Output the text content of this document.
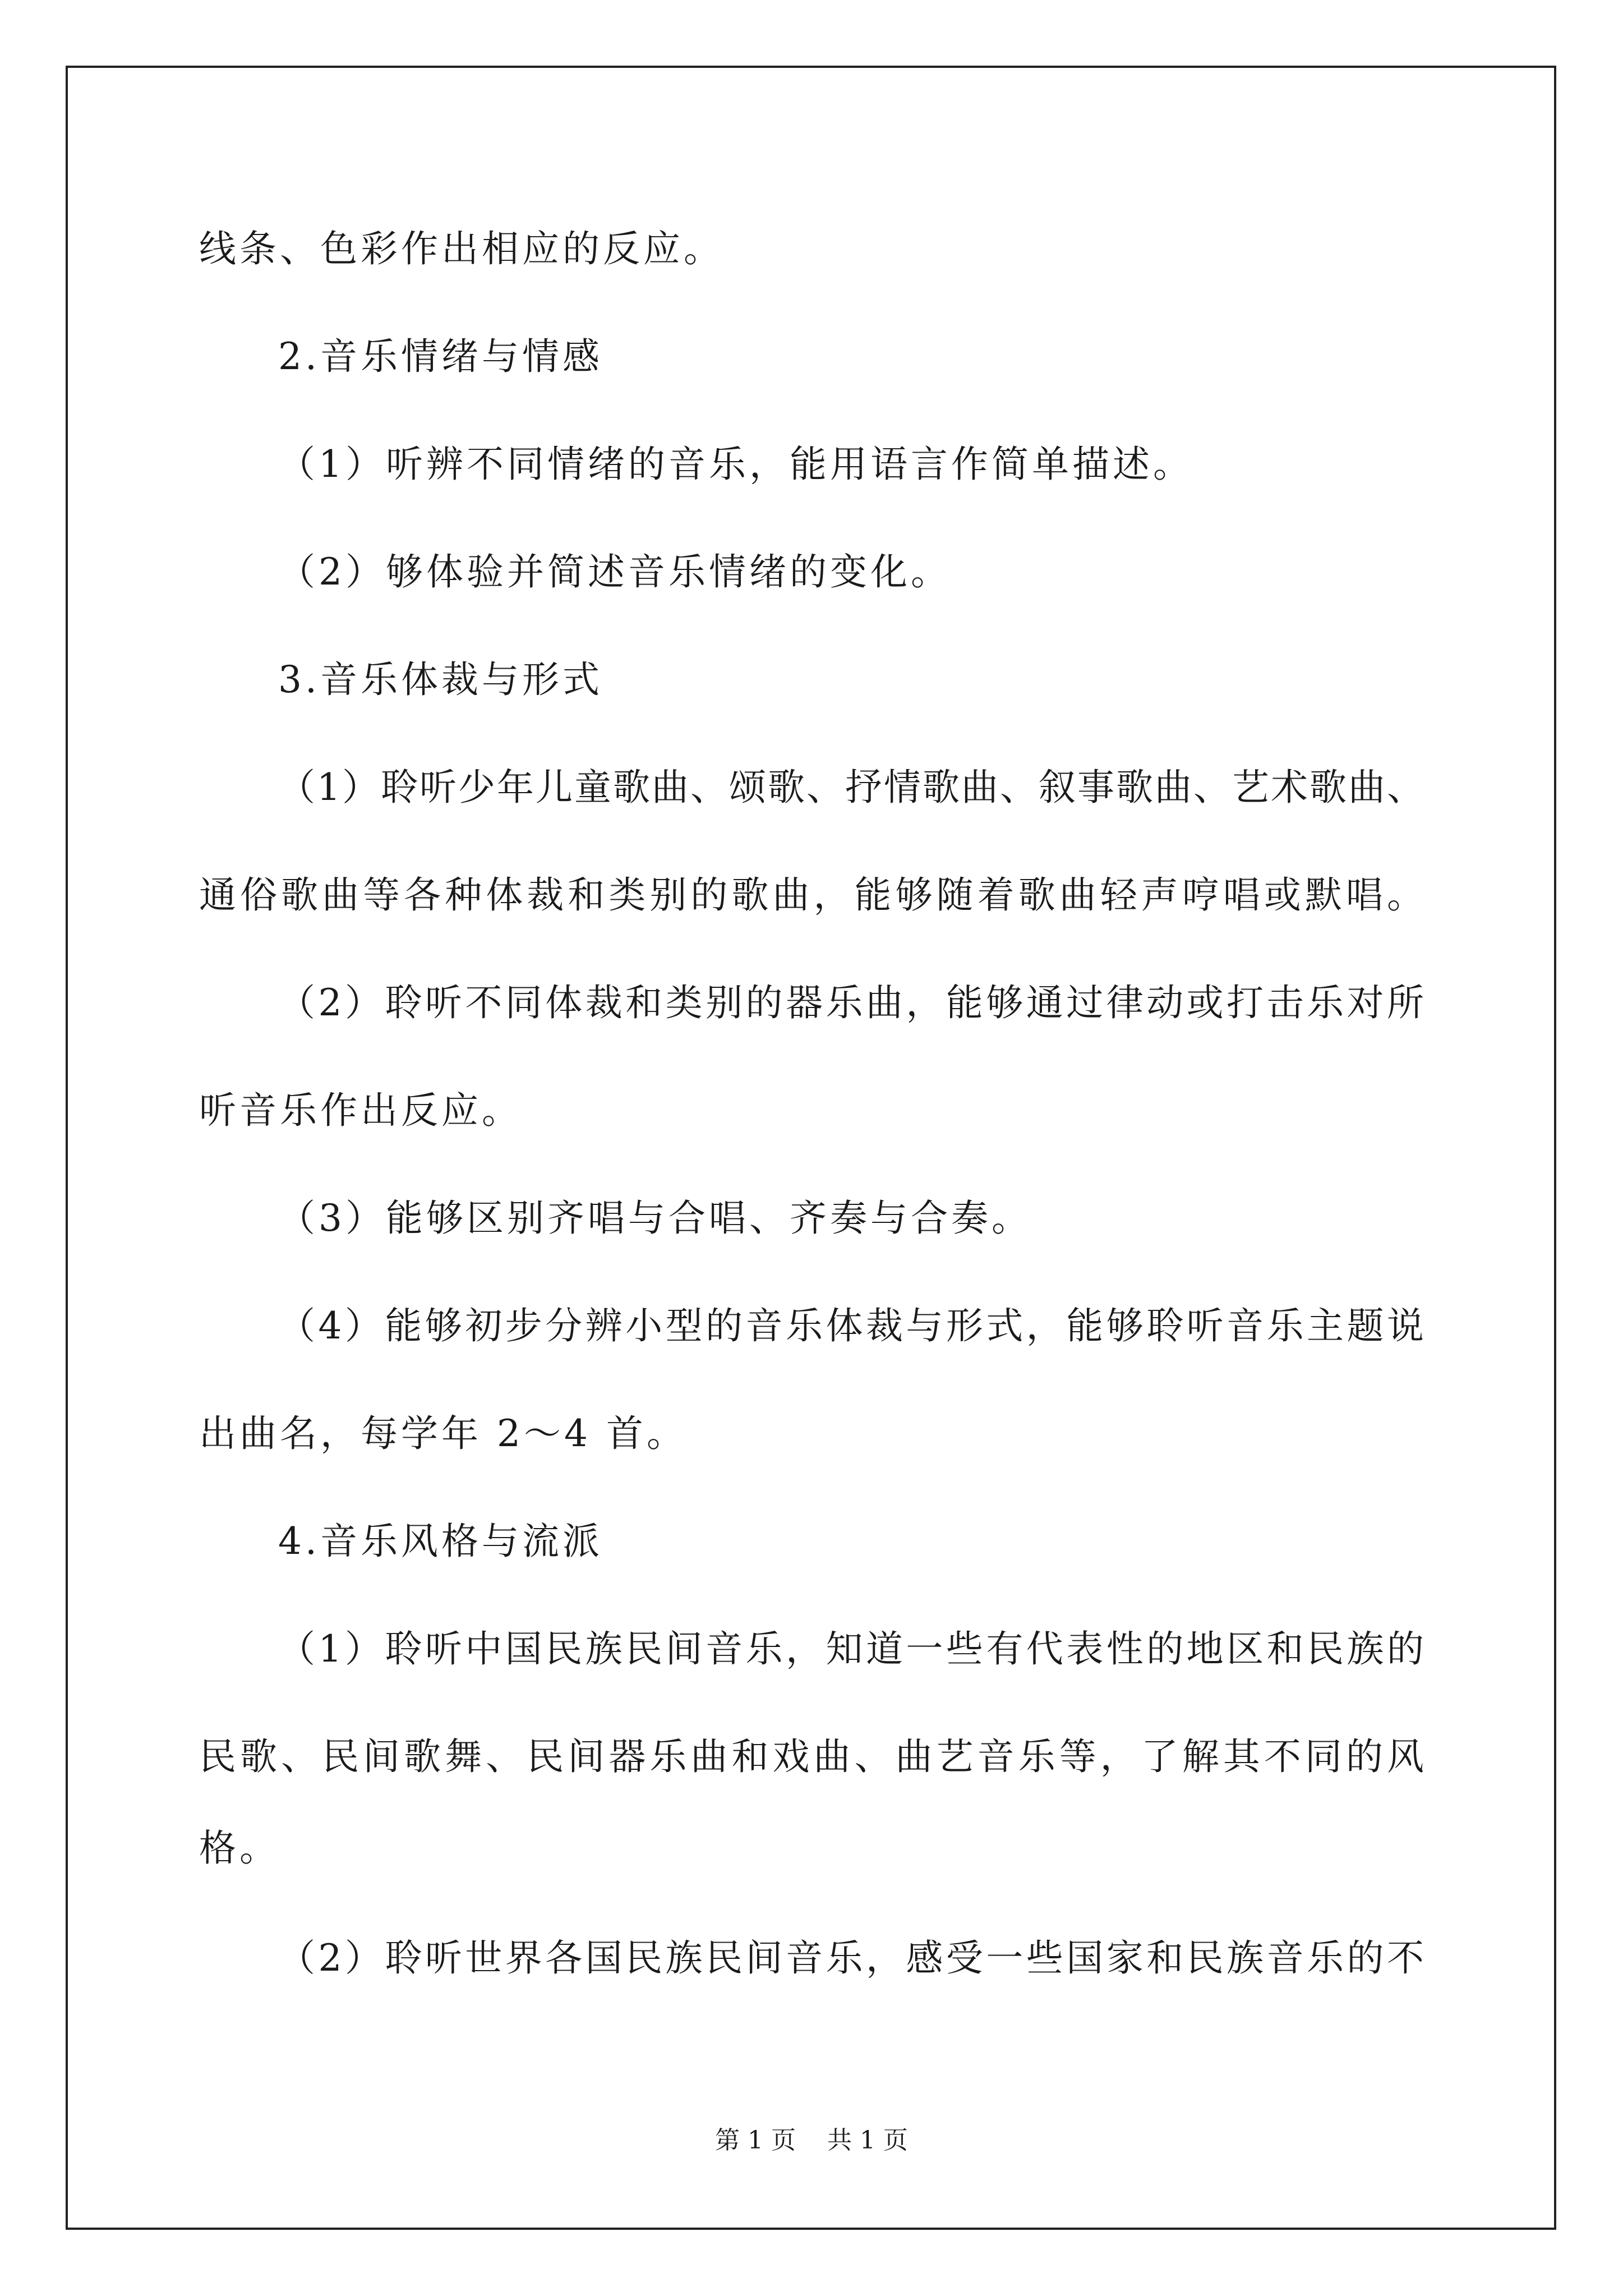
线条、色彩作出相应的反应。
2.音乐情绪与情感
（1）听辨不同情绪的音乐，能用语言作简单描述。
（2）够体验并简述音乐情绪的变化。
3.音乐体裁与形式
（1）聆听少年儿童歌曲、颂歌、抒情歌曲、叙事歌曲、艺术歌曲、
通俗歌曲等各种体裁和类别的歌曲，能够随着歌曲轻声哼唱或默唱。
（2）聆听不同体裁和类别的器乐曲，能够通过律动或打击乐对所
听音乐作出反应。
（3）能够区别齐唱与合唱、齐奏与合奏。
（4）能够初步分辨小型的音乐体裁与形式，能够聆听音乐主题说
出曲名，每学年 2～4 首。
4.音乐风格与流派
（1）聆听中国民族民间音乐，知道一些有代表性的地区和民族的
民歌、民间歌舞、民间器乐曲和戏曲、曲艺音乐等，了解其不同的风
格。
（2）聆听世界各国民族民间音乐，感受一些国家和民族音乐的不
第 1 页 共 1 页
